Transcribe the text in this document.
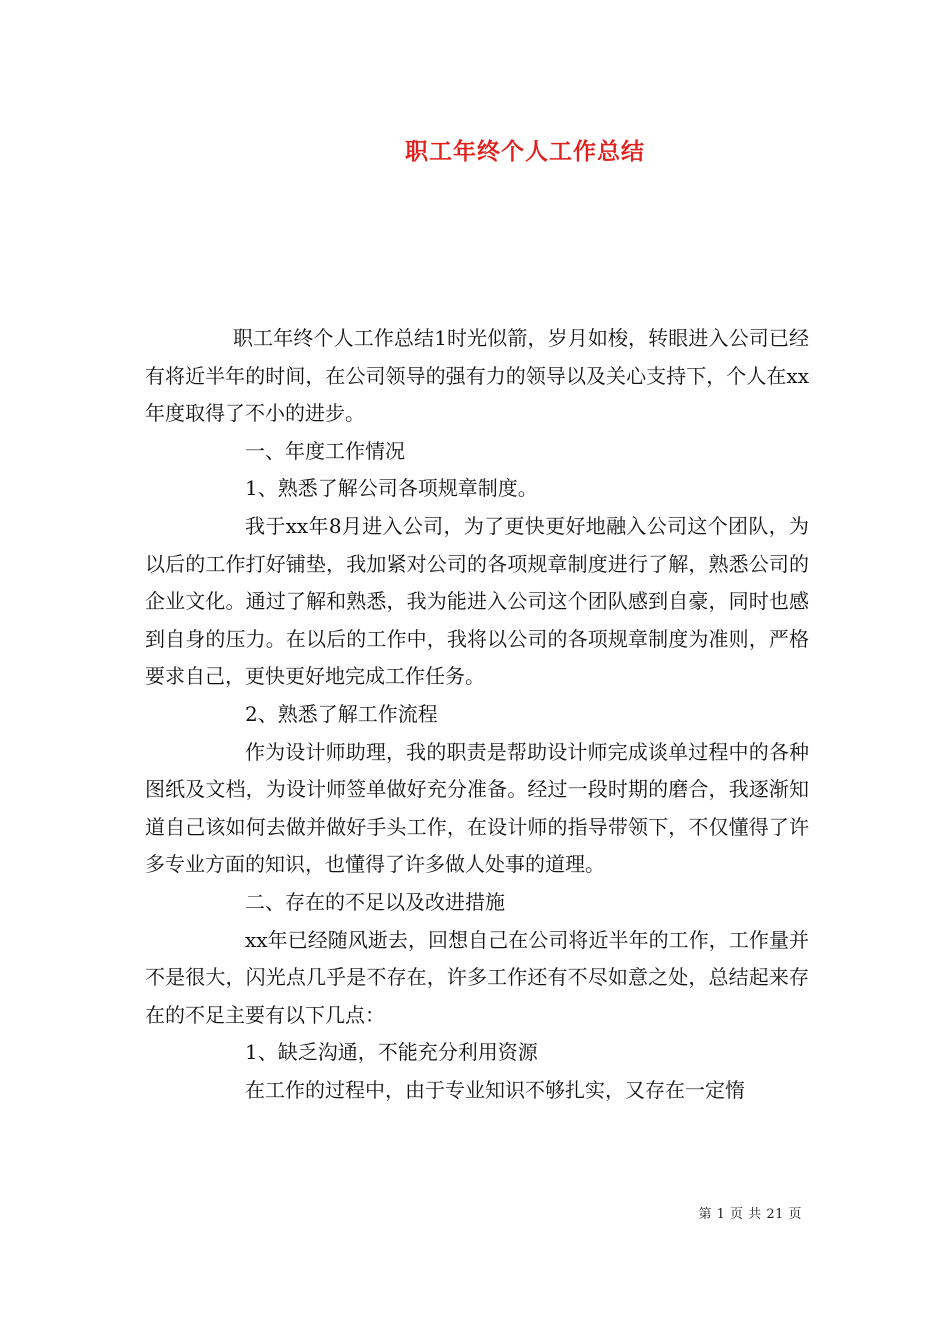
职工年终个人工作总结

职工年终个人工作总结1时光似箭，岁月如梭，转眼进入公司已经有将近半年的时间，在公司领导的强有力的领导以及关心支持下，个人在xx年度取得了不小的进步。

一、年度工作情况

1、熟悉了解公司各项规章制度。

我于xx年8月进入公司，为了更快更好地融入公司这个团队，为以后的工作打好铺垫，我加紧对公司的各项规章制度进行了解，熟悉公司的企业文化。通过了解和熟悉，我为能进入公司这个团队感到自豪，同时也感到自身的压力。在以后的工作中，我将以公司的各项规章制度为准则，严格要求自己，更快更好地完成工作任务。

2、熟悉了解工作流程

作为设计师助理，我的职责是帮助设计师完成谈单过程中的各种图纸及文档，为设计师签单做好充分准备。经过一段时期的磨合，我逐渐知道自己该如何去做并做好手头工作，在设计师的指导带领下，不仅懂得了许多专业方面的知识，也懂得了许多做人处事的道理。

二、存在的不足以及改进措施

xx年已经随风逝去，回想自己在公司将近半年的工作，工作量并不是很大，闪光点几乎是不存在，许多工作还有不尽如意之处，总结起来存在的不足主要有以下几点：

1、缺乏沟通，不能充分利用资源

在工作的过程中，由于专业知识不够扎实，又存在一定惰

第 1 页 共 21 页
